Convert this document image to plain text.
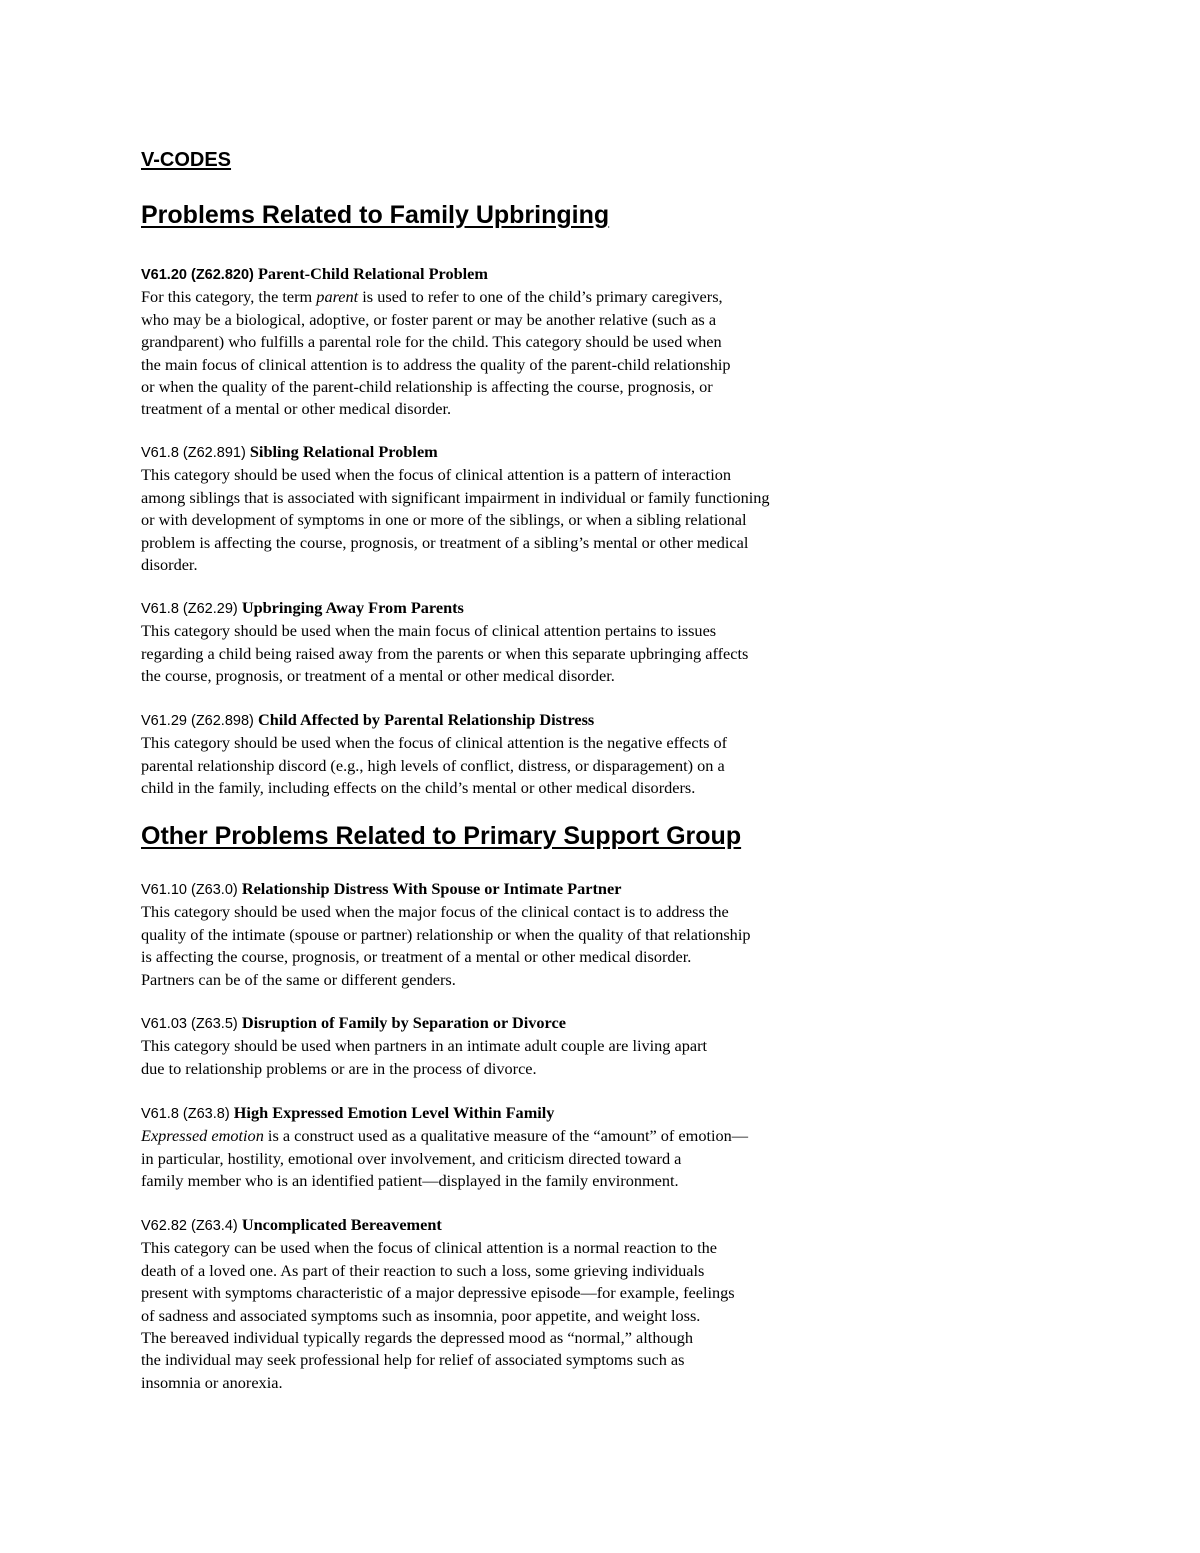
V-CODES
Problems Related to Family Upbringing
V61.20 (Z62.820) Parent-Child Relational Problem
For this category, the term parent is used to refer to one of the child’s primary caregivers,
who may be a biological, adoptive, or foster parent or may be another relative (such as a
grandparent) who fulfills a parental role for the child. This category should be used when
the main focus of clinical attention is to address the quality of the parent-child relationship
or when the quality of the parent-child relationship is affecting the course, prognosis, or
treatment of a mental or other medical disorder.
V61.8 (Z62.891) Sibling Relational Problem
This category should be used when the focus of clinical attention is a pattern of interaction
among siblings that is associated with significant impairment in individual or family functioning
or with development of symptoms in one or more of the siblings, or when a sibling relational
problem is affecting the course, prognosis, or treatment of a sibling’s mental or other medical
disorder.
V61.8 (Z62.29) Upbringing Away From Parents
This category should be used when the main focus of clinical attention pertains to issues
regarding a child being raised away from the parents or when this separate upbringing affects
the course, prognosis, or treatment of a mental or other medical disorder.
V61.29 (Z62.898) Child Affected by Parental Relationship Distress
This category should be used when the focus of clinical attention is the negative effects of
parental relationship discord (e.g., high levels of conflict, distress, or disparagement) on a
child in the family, including effects on the child’s mental or other medical disorders.
Other Problems Related to Primary Support Group
V61.10 (Z63.0) Relationship Distress With Spouse or Intimate Partner
This category should be used when the major focus of the clinical contact is to address the
quality of the intimate (spouse or partner) relationship or when the quality of that relationship
is affecting the course, prognosis, or treatment of a mental or other medical disorder.
Partners can be of the same or different genders.
V61.03 (Z63.5) Disruption of Family by Separation or Divorce
This category should be used when partners in an intimate adult couple are living apart
due to relationship problems or are in the process of divorce.
V61.8 (Z63.8) High Expressed Emotion Level Within Family
Expressed emotion is a construct used as a qualitative measure of the “amount” of emotion—
in particular, hostility, emotional over involvement, and criticism directed toward a
family member who is an identified patient—displayed in the family environment.
V62.82 (Z63.4) Uncomplicated Bereavement
This category can be used when the focus of clinical attention is a normal reaction to the
death of a loved one. As part of their reaction to such a loss, some grieving individuals
present with symptoms characteristic of a major depressive episode—for example, feelings
of sadness and associated symptoms such as insomnia, poor appetite, and weight loss.
The bereaved individual typically regards the depressed mood as “normal,” although
the individual may seek professional help for relief of associated symptoms such as
insomnia or anorexia.
